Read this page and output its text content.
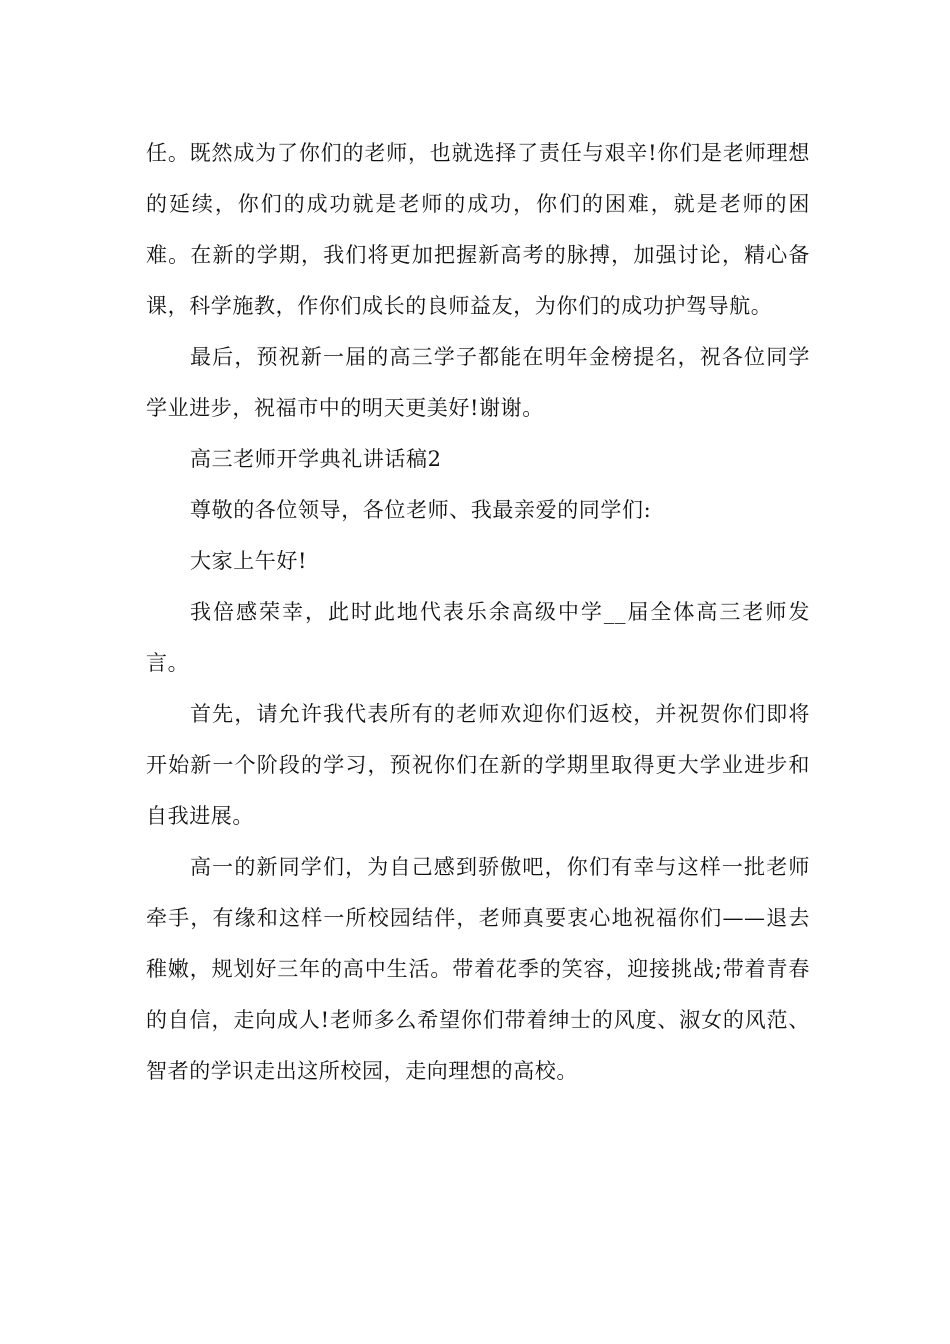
任。既然成为了你们的老师，也就选择了责任与艰辛!你们是老师理想的延续，你们的成功就是老师的成功，你们的困难，就是老师的困难。在新的学期，我们将更加把握新高考的脉搏，加强讨论，精心备课，科学施教，作你们成长的良师益友，为你们的成功护驾导航。

最后，预祝新一届的高三学子都能在明年金榜提名，祝各位同学学业进步，祝福市中的明天更美好!谢谢。

高三老师开学典礼讲话稿2

尊敬的各位领导，各位老师、我最亲爱的同学们:

大家上午好!

我倍感荣幸，此时此地代表乐余高级中学__届全体高三老师发言。

首先，请允许我代表所有的老师欢迎你们返校，并祝贺你们即将开始新一个阶段的学习，预祝你们在新的学期里取得更大学业进步和自我进展。

高一的新同学们，为自己感到骄傲吧，你们有幸与这样一批老师牵手，有缘和这样一所校园结伴，老师真要衷心地祝福你们——退去稚嫩，规划好三年的高中生活。带着花季的笑容，迎接挑战;带着青春的自信，走向成人!老师多么希望你们带着绅士的风度、淑女的风范、智者的学识走出这所校园，走向理想的高校。
